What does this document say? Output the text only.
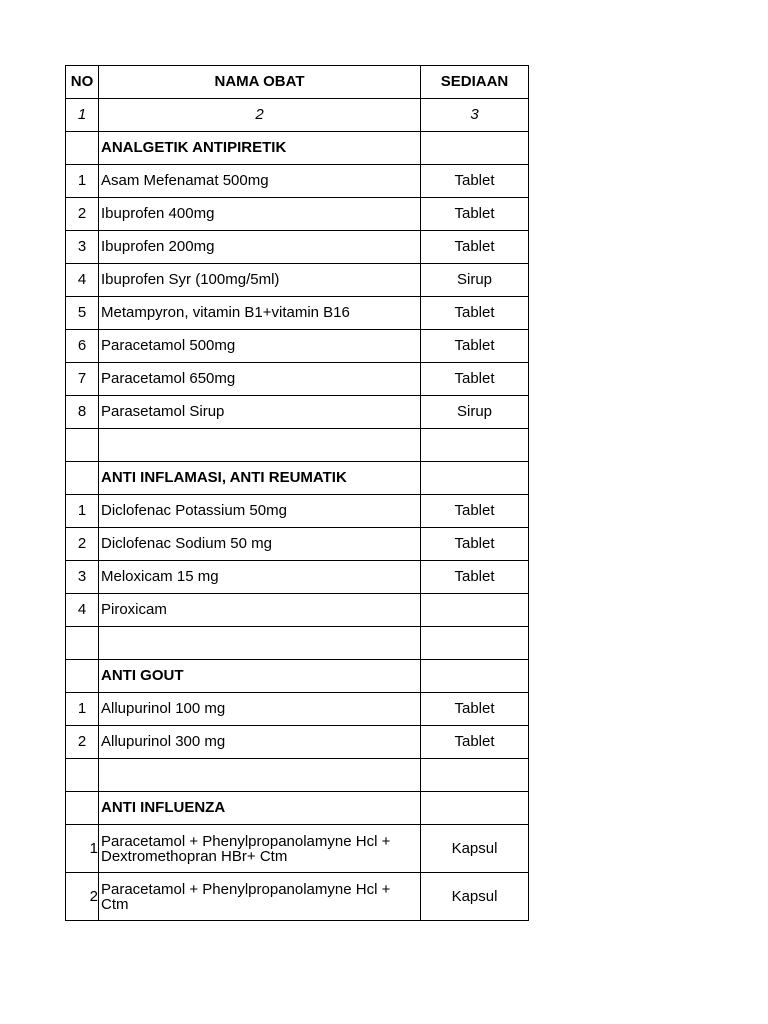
NO	NAMA OBAT	SEDIAAN
1	2	3
	ANALGETIK ANTIPIRETIK	
1	Asam Mefenamat 500mg	Tablet
2	Ibuprofen 400mg	Tablet
3	Ibuprofen 200mg	Tablet
4	Ibuprofen Syr (100mg/5ml)	Sirup
5	Metampyron, vitamin B1+vitamin B16	Tablet
6	Paracetamol 500mg	Tablet
7	Paracetamol 650mg	Tablet
8	Parasetamol Sirup	Sirup

	ANTI INFLAMASI, ANTI REUMATIK	
1	Diclofenac Potassium 50mg	Tablet
2	Diclofenac Sodium 50 mg	Tablet
3	Meloxicam 15 mg	Tablet
4	Piroxicam	

	ANTI GOUT	
1	Allupurinol 100 mg	Tablet
2	Allupurinol 300 mg	Tablet

	ANTI INFLUENZA	
1	Paracetamol + Phenylpropanolamyne Hcl + Dextromethopran HBr+ Ctm	Kapsul
2	Paracetamol + Phenylpropanolamyne Hcl + Ctm	Kapsul
